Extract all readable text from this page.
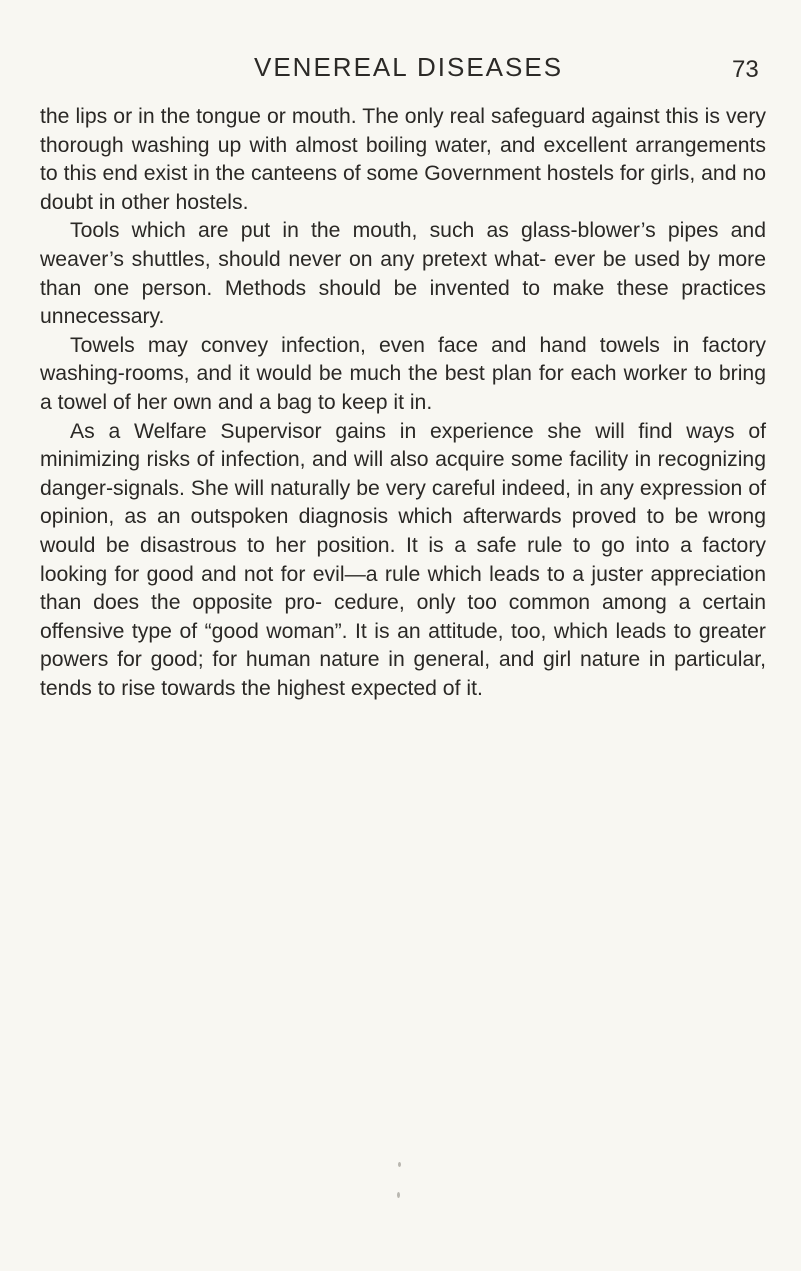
VENEREAL DISEASES	73

the lips or in the tongue or mouth. The only real safeguard against this is very thorough washing up with almost boiling water, and excellent arrangements to this end exist in the canteens of some Government hostels for girls, and no doubt in other hostels.

Tools which are put in the mouth, such as glass-blower’s pipes and weaver’s shuttles, should never on any pretext what- ever be used by more than one person. Methods should be invented to make these practices unnecessary.

Towels may convey infection, even face and hand towels in factory washing-rooms, and it would be much the best plan for each worker to bring a towel of her own and a bag to keep it in.

As a Welfare Supervisor gains in experience she will find ways of minimizing risks of infection, and will also acquire some facility in recognizing danger-signals. She will naturally be very careful indeed, in any expression of opinion, as an outspoken diagnosis which afterwards proved to be wrong would be disastrous to her position. It is a safe rule to go into a factory looking for good and not for evil—a rule which leads to a juster appreciation than does the opposite pro- cedure, only too common among a certain offensive type of “good woman”. It is an attitude, too, which leads to greater powers for good; for human nature in general, and girl nature in particular, tends to rise towards the highest expected of it.
